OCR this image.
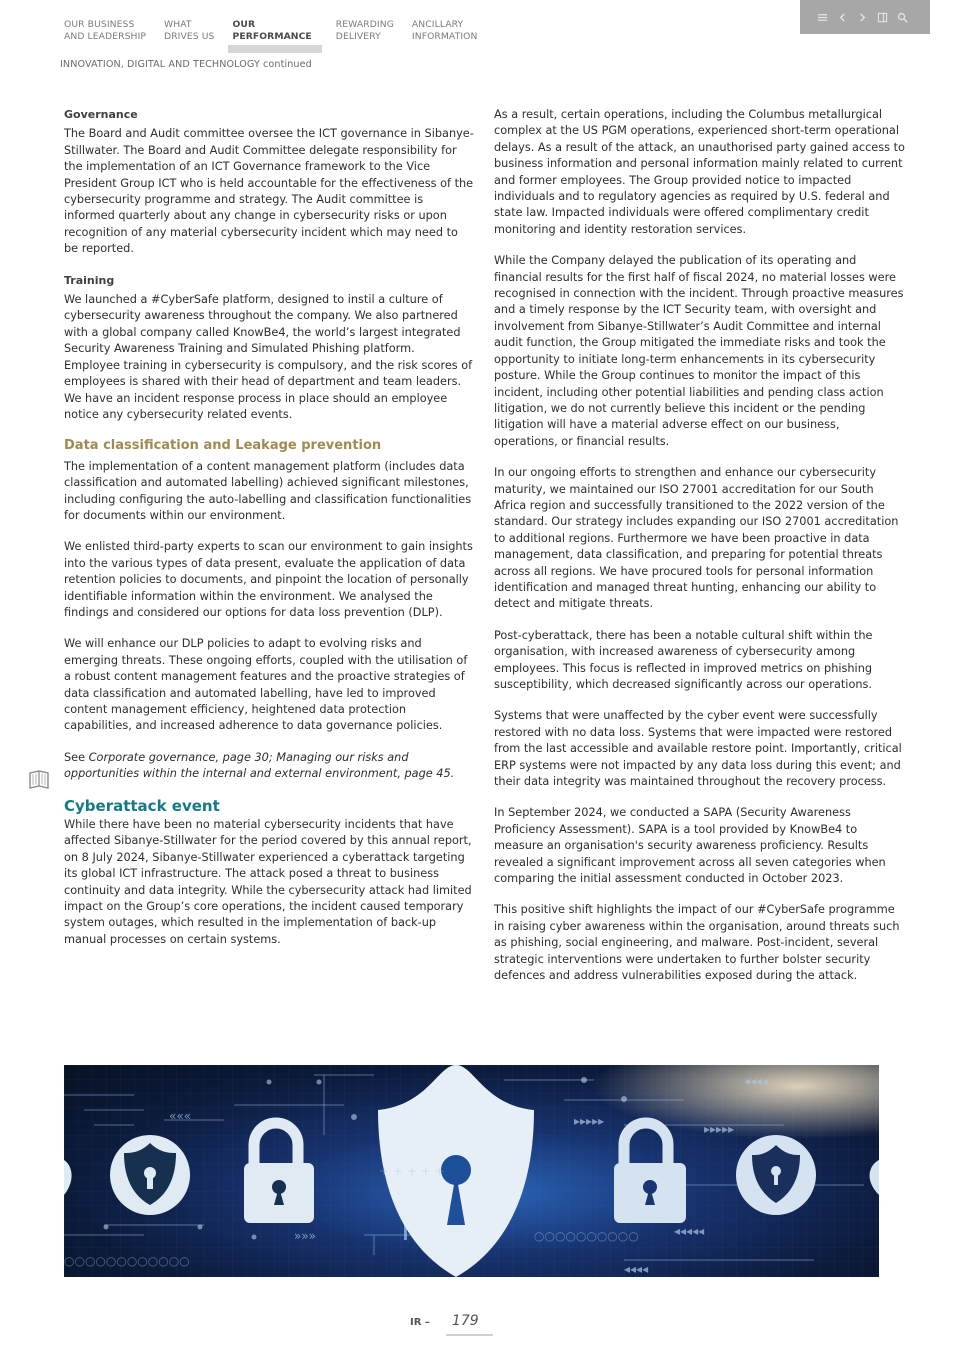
OUR BUSINESS
AND LEADERSHIP
WHAT
DRIVES US
OUR
PERFORMANCE
REWARDING
DELIVERY
ANCILLARY
INFORMATION
INNOVATION, DIGITAL AND TECHNOLOGY continued
Governance

The Board and Audit committee oversee the ICT governance in Sibanye-Stillwater. The Board and Audit Committee delegate responsibility for the implementation of an ICT Governance framework to the Vice President Group ICT who is held accountable for the effectiveness of the cybersecurity programme and strategy. The Audit committee is informed quarterly about any change in cybersecurity risks or upon recognition of any material cybersecurity incident which may need to be reported.

Training

We launched a #CyberSafe platform, designed to instil a culture of cybersecurity awareness throughout the company. We also partnered with a global company called KnowBe4, the world’s largest integrated Security Awareness Training and Simulated Phishing platform. Employee training in cybersecurity is compulsory, and the risk scores of employees is shared with their head of department and team leaders. We have an incident response process in place should an employee notice any cybersecurity related events.

Data classification and Leakage prevention

The implementation of a content management platform (includes data classification and automated labelling) achieved significant milestones, including configuring the auto-labelling and classification functionalities for documents within our environment.

We enlisted third-party experts to scan our environment to gain insights into the various types of data present, evaluate the application of data retention policies to documents, and pinpoint the location of personally identifiable information within the environment. We analysed the findings and considered our options for data loss prevention (DLP).

We will enhance our DLP policies to adapt to evolving risks and emerging threats. These ongoing efforts, coupled with the utilisation of a robust content management features and the proactive strategies of data classification and automated labelling, have led to improved content management efficiency, heightened data protection capabilities, and increased adherence to data governance policies.

See Corporate governance, page 30; Managing our risks and opportunities within the internal and external environment, page 45.

Cyberattack event

While there have been no material cybersecurity incidents that have affected Sibanye-Stillwater for the period covered by this annual report, on 8 July 2024, Sibanye-Stillwater experienced a cyberattack targeting its global ICT infrastructure. The attack posed a threat to business continuity and data integrity. While the cybersecurity attack had limited impact on the Group’s core operations, the incident caused temporary system outages, which resulted in the implementation of back-up manual processes on certain systems.

As a result, certain operations, including the Columbus metallurgical complex at the US PGM operations, experienced short-term operational delays. As a result of the attack, an unauthorised party gained access to business information and personal information mainly related to current and former employees. The Group provided notice to impacted individuals and to regulatory agencies as required by U.S. federal and state law. Impacted individuals were offered complimentary credit monitoring and identity restoration services.

While the Company delayed the publication of its operating and financial results for the first half of fiscal 2024, no material losses were recognised in connection with the incident. Through proactive measures and a timely response by the ICT Security team, with oversight and involvement from Sibanye-Stillwater’s Audit Committee and internal audit function, the Group mitigated the immediate risks and took the opportunity to initiate long-term enhancements in its cybersecurity posture. While the Group continues to monitor the impact of this incident, including other potential liabilities and pending class action litigation, we do not currently believe this incident or the pending litigation will have a material adverse effect on our business, operations, or financial results.

In our ongoing efforts to strengthen and enhance our cybersecurity maturity, we maintained our ISO 27001 accreditation for our South Africa region and successfully transitioned to the 2022 version of the standard. Our strategy includes expanding our ISO 27001 accreditation to additional regions. Furthermore we have been proactive in data management, data classification, and preparing for potential threats across all regions. We have procured tools for personal information identification and managed threat hunting, enhancing our ability to detect and mitigate threats.

Post-cyberattack, there has been a notable cultural shift within the organisation, with increased awareness of cybersecurity among employees. This focus is reflected in improved metrics on phishing susceptibility, which decreased significantly across our operations.

Systems that were unaffected by the cyber event were successfully restored with no data loss. Systems that were impacted were restored from the last accessible and available restore point. Importantly, critical ERP systems were not impacted by any data loss during this event; and their data integrity was maintained throughout the recovery process.

In September 2024, we conducted a SAPA (Security Awareness Proficiency Assessment). SAPA is a tool provided by KnowBe4 to measure an organisation's security awareness proficiency. Results revealed a significant improvement across all seven categories when comparing the initial assessment conducted in October 2023.

This positive shift highlights the impact of our #CyberSafe programme in raising cyber awareness within the organisation, around threats such as phishing, social engineering, and malware. Post-incident, several strategic interventions were undertaken to further bolster security defences and address vulnerabilities exposed during the attack.

«««
»»»
+ + + + +
◂◂◂◂◂
◂◂◂◂
◂◂◂◂
▸▸▸▸▸
▸▸▸▸▸
○○○○○○○○○○○○
○○○○○○○○○○
IR – 179
